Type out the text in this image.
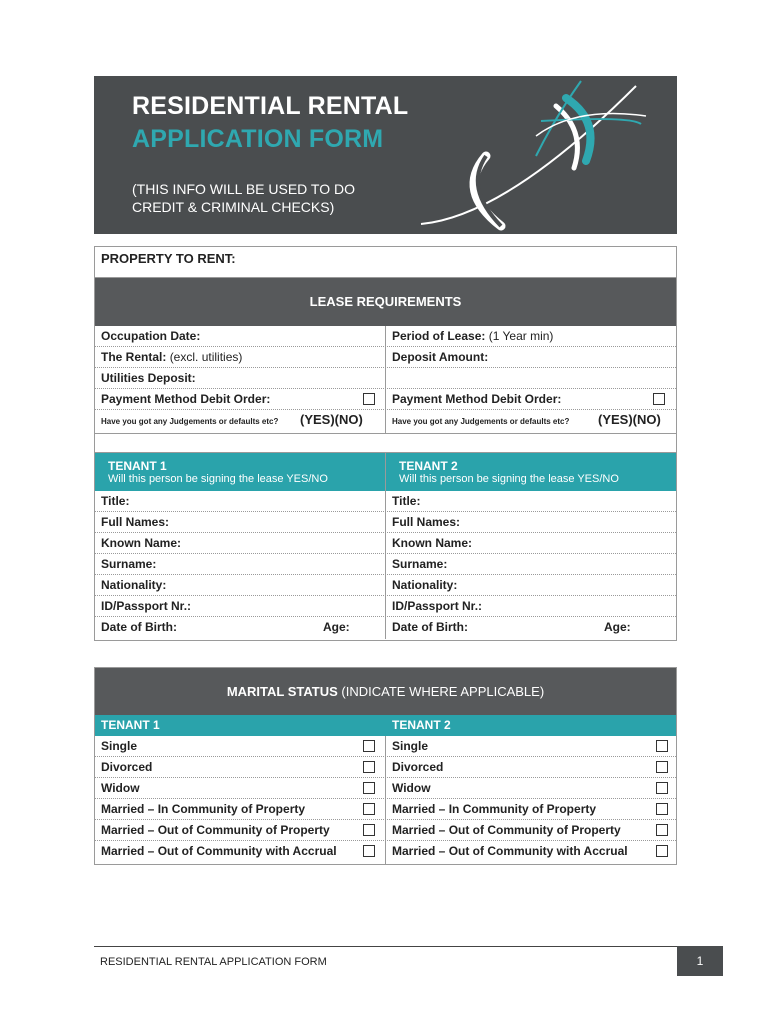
RESIDENTIAL RENTAL
APPLICATION FORM
(THIS INFO WILL BE USED TO DO
CREDIT & CRIMINAL CHECKS)
PROPERTY TO RENT:
LEASE REQUIREMENTS
Occupation Date:	Period of Lease: (1 Year min)
The Rental: (excl. utilities)	Deposit Amount:
Utilities Deposit:
Payment Method Debit Order:	Payment Method Debit Order:
Have you got any Judgements or defaults etc? (YES)(NO)	Have you got any Judgements or defaults etc? (YES)(NO)
TENANT 1
Will this person be signing the lease YES/NO
TENANT 2
Will this person be signing the lease YES/NO
Title:	Title:
Full Names:	Full Names:
Known Name:	Known Name:
Surname:	Surname:
Nationality:	Nationality:
ID/Passport Nr.:	ID/Passport Nr.:
Date of Birth:	Age:	Date of Birth:	Age:
MARITAL STATUS (INDICATE WHERE APPLICABLE)
TENANT 1	TENANT 2
Single	Single
Divorced	Divorced
Widow	Widow
Married – In Community of Property	Married – In Community of Property
Married – Out of Community of Property	Married – Out of Community of Property
Married – Out of Community with Accrual	Married – Out of Community with Accrual
RESIDENTIAL RENTAL APPLICATION FORM	1
